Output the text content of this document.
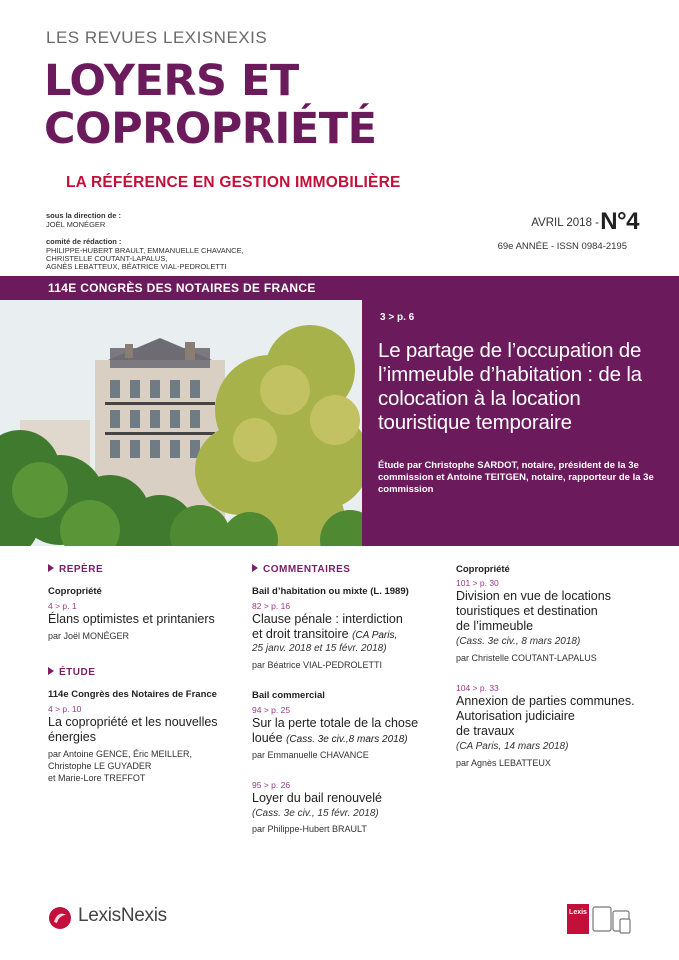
LES REVUES LEXISNEXIS
LOYERS ET
COPROPRIÉTÉ
LA RÉFÉRENCE EN GESTION IMMOBILIÈRE
sous la direction de :
JOËL MONÉGER
comité de rédaction :
PHILIPPE-HUBERT BRAULT, EMMANUELLE CHAVANCE,
CHRISTELLE COUTANT-LAPALUS,
AGNÈS LEBATTEUX, BÉATRICE VIAL-PEDROLETTI
AVRIL 2018 - N°4
69e ANNÉE - ISSN 0984-2195
114E CONGRÈS DES NOTAIRES DE FRANCE
3 > p. 6
Le partage de l’occupation de l’immeuble d’habitation : de la colocation à la location touristique temporaire
Étude par Christophe SARDOT, notaire, président de la 3e commission et Antoine TEITGEN, notaire, rapporteur de la 3e commission
REPÈRE
Copropriété
4 > p. 1
Élans optimistes et printaniers
par Joël MONÉGER
ÉTUDE
114e Congrès des Notaires de France
4 > p. 10
La copropriété et les nouvelles
énergies
par Antoine GENCE, Éric MEILLER,
Christophe LE GUYADER
et Marie-Lore TREFFOT
COMMENTAIRES
Bail d’habitation ou mixte (L. 1989)
82 > p. 16
Clause pénale : interdiction
et droit transitoire (CA Paris,
25 janv. 2018 et 15 févr. 2018)
par Béatrice VIAL-PEDROLETTI
Bail commercial
94 > p. 25
Sur la perte totale de la chose
louée (Cass. 3e civ.,8 mars 2018)
par Emmanuelle CHAVANCE
95 > p. 26
Loyer du bail renouvelé
(Cass. 3e civ., 15 févr. 2018)
par Philippe-Hubert BRAULT
Copropriété
101 > p. 30
Division en vue de locations
touristiques et destination
de l’immeuble
(Cass. 3e civ., 8 mars 2018)
par Christelle COUTANT-LAPALUS
104 > p. 33
Annexion de parties communes.
Autorisation judiciaire
de travaux
(CA Paris, 14 mars 2018)
par Agnès LEBATTEUX
LexisNexis	Lexis
